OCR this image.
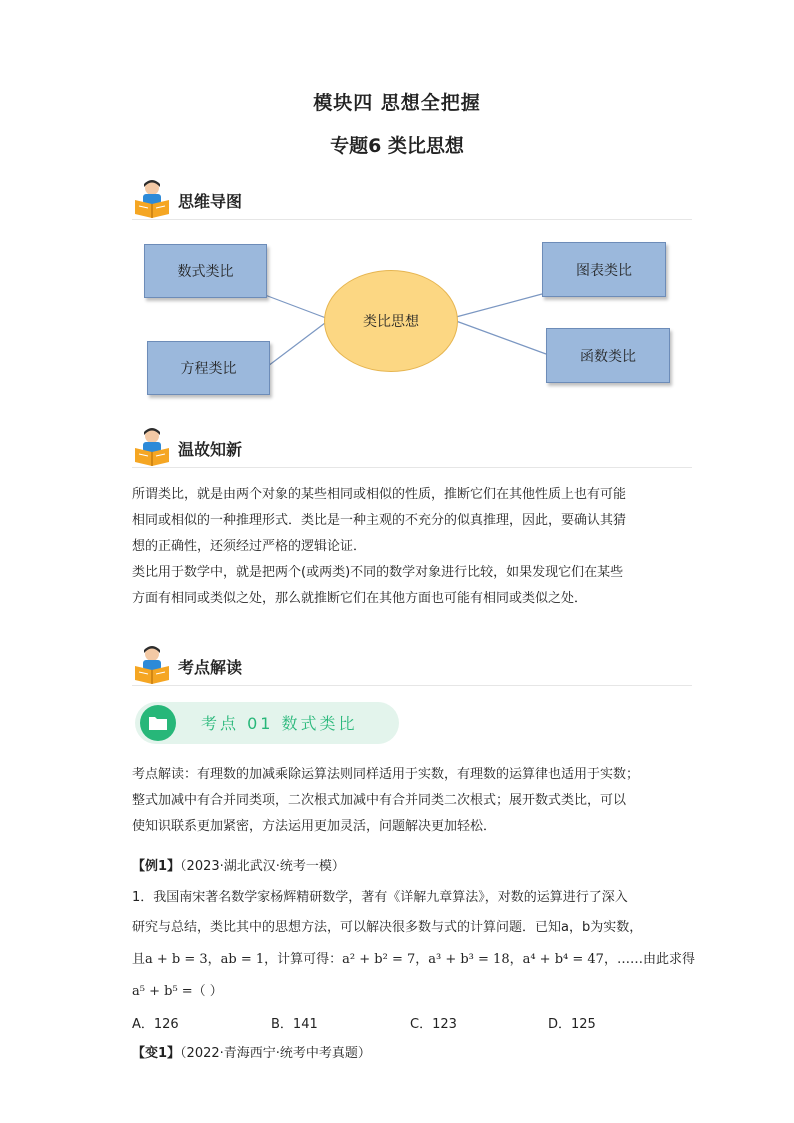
模块四 思想全把握
专题6 类比思想
思维导图
数式类比
方程类比
图表类比
函数类比
类比思想
温故知新

所谓类比，就是由两个对象的某些相同或相似的性质，推断它们在其他性质上也有可能

相同或相似的一种推理形式．类比是一种主观的不充分的似真推理，因此，要确认其猜

想的正确性，还须经过严格的逻辑论证．

类比用于数学中，就是把两个(或两类)不同的数学对象进行比较，如果发现它们在某些

方面有相同或类似之处，那么就推断它们在其他方面也可能有相同或类似之处．

考点解读
考点 01 数式类比

考点解读：有理数的加减乘除运算法则同样适用于实数，有理数的运算律也适用于实数；

整式加减中有合并同类项，二次根式加减中有合并同类二次根式；展开数式类比，可以

使知识联系更加紧密，方法运用更加灵活，问题解决更加轻松．

【例1】（2023·湖北武汉·统考一模）
1．我国南宋著名数学家杨辉精研数学，著有《详解九章算法》，对数的运算进行了深入
研究与总结，类比其中的思想方法，可以解决很多数与式的计算问题．已知a，b为实数，
且a + b = 3，ab = 1，计算可得：a² + b² = 7，a³ + b³ = 18，a⁴ + b⁴ = 47，……由此求得
a⁵ + b⁵ =（ ）
A．126	B．141	C．123	D．125
【变1】（2022·青海西宁·统考中考真题）
